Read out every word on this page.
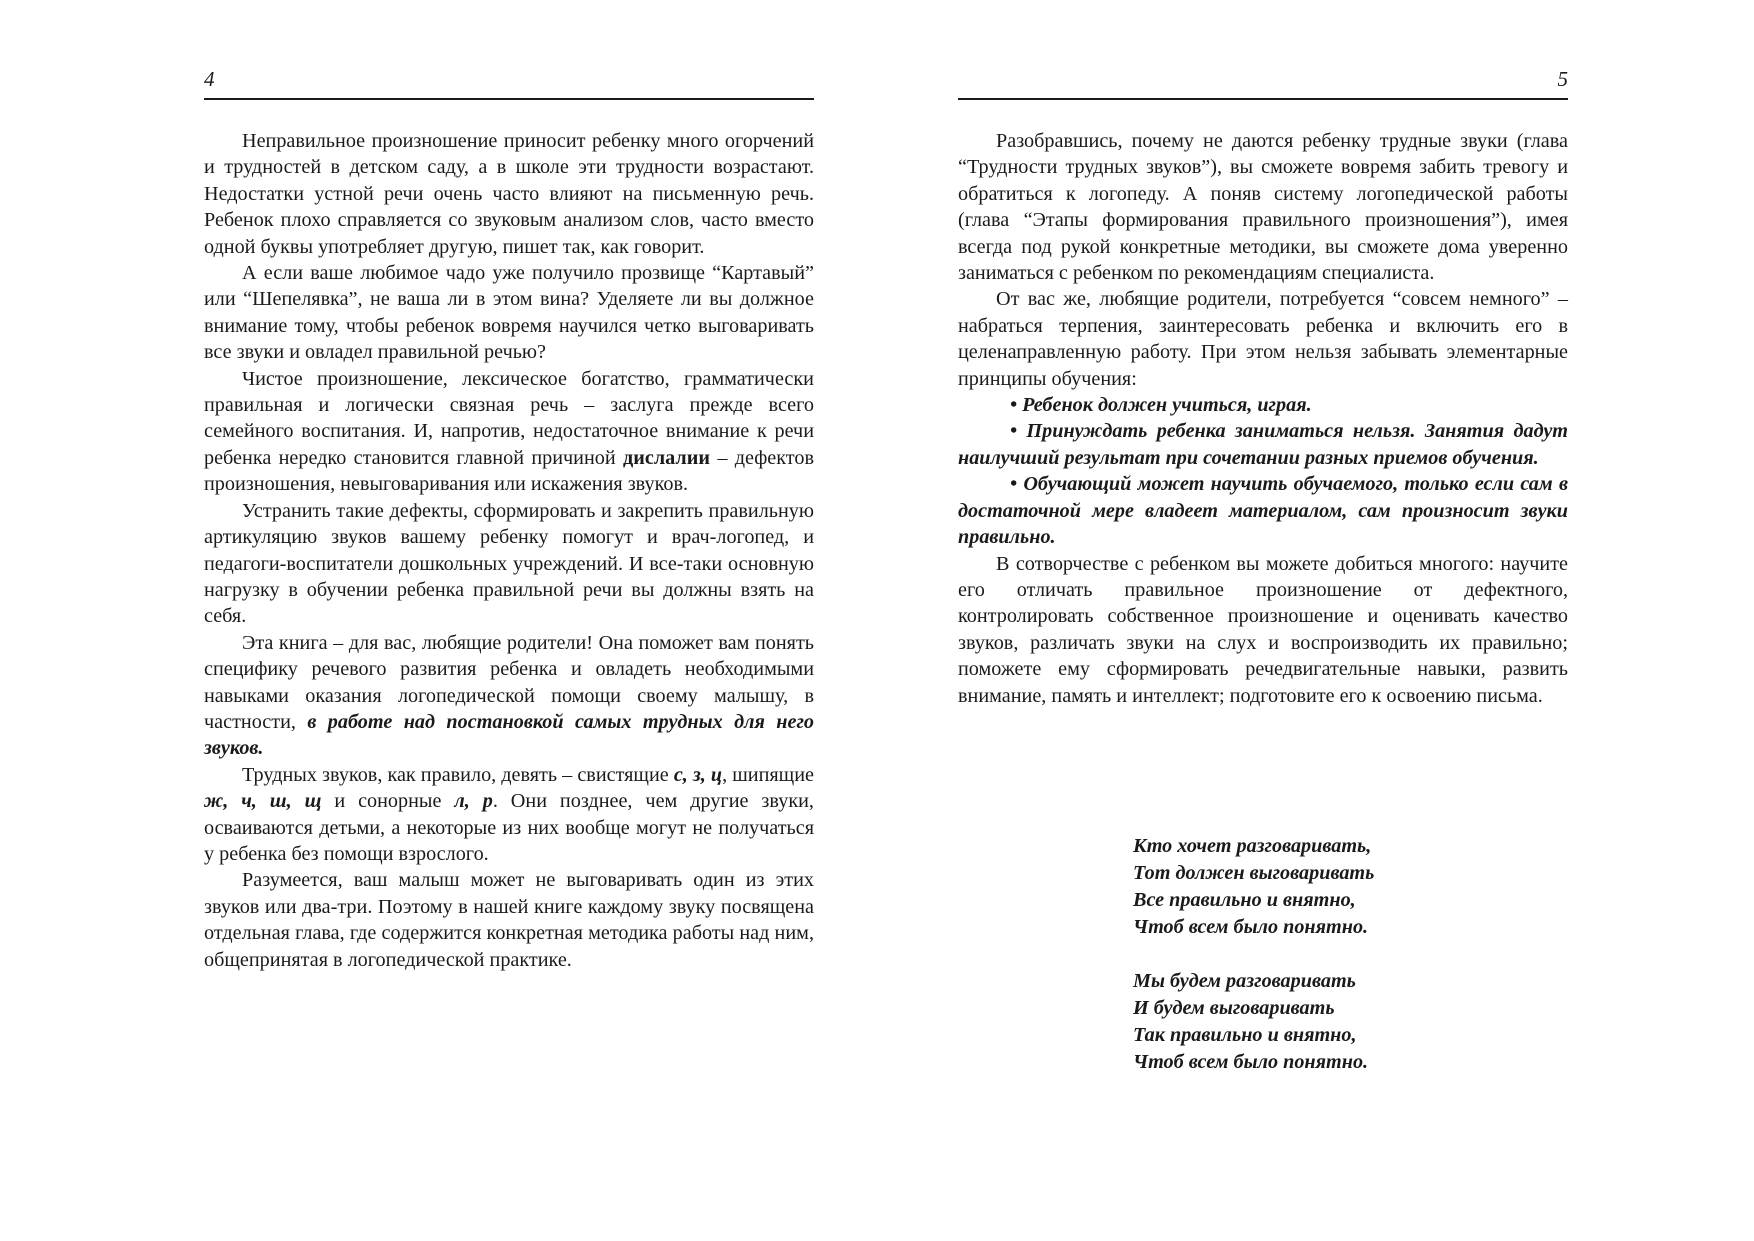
4

Неправильное произношение приносит ребенку много огорчений и трудностей в детском саду, а в школе эти трудности возрастают. Недостатки устной речи очень часто влияют на письменную речь. Ребенок плохо справляется со звуковым анализом слов, часто вместо одной буквы употребляет другую, пишет так, как говорит.

А если ваше любимое чадо уже получило прозвище “Картавый” или “Шепелявка”, не ваша ли в этом вина? Уделяете ли вы должное внимание тому, чтобы ребенок вовремя научился четко выговаривать все звуки и овладел правильной речью?

Чистое произношение, лексическое богатство, грамматически правильная и логически связная речь – заслуга прежде всего семейного воспитания. И, напротив, недостаточное внимание к речи ребенка нередко становится главной причиной дислалии – дефектов произношения, невыговаривания или искажения звуков.

Устранить такие дефекты, сформировать и закрепить правильную артикуляцию звуков вашему ребенку помогут и врач-логопед, и педагоги-воспитатели дошкольных учреждений. И все-таки основную нагрузку в обучении ребенка правильной речи вы должны взять на себя.

Эта книга – для вас, любящие родители! Она поможет вам понять специфику речевого развития ребенка и овладеть необходимыми навыками оказания логопедической помощи своему малышу, в частности, в работе над постановкой самых трудных для него звуков.

Трудных звуков, как правило, девять – свистящие с, з, ц, шипящие ж, ч, ш, щ и сонорные л, р. Они позднее, чем другие звуки, осваиваются детьми, а некоторые из них вообще могут не получаться у ребенка без помощи взрослого.

Разумеется, ваш малыш может не выговаривать один из этих звуков или два-три. Поэтому в нашей книге каждому звуку посвящена отдельная глава, где содержится конкретная методика работы над ним, общепринятая в логопедической практике.

5

Разобравшись, почему не даются ребенку трудные звуки (глава “Трудности трудных звуков”), вы сможете вовремя забить тревогу и обратиться к логопеду. А поняв систему логопедической работы (глава “Этапы формирования правильного произношения”), имея всегда под рукой конкретные методики, вы сможете дома уверенно заниматься с ребенком по рекомендациям специалиста.

От вас же, любящие родители, потребуется “совсем немного” – набраться терпения, заинтересовать ребенка и включить его в целенаправленную работу. При этом нельзя забывать элементарные принципы обучения:

• Ребенок должен учиться, играя.

• Принуждать ребенка заниматься нельзя. Занятия дадут наилучший результат при сочетании разных приемов обучения.

• Обучающий может научить обучаемого, только если сам в достаточной мере владеет материалом, сам произносит звуки правильно.

В сотворчестве с ребенком вы можете добиться многого: научите его отличать правильное произношение от дефектного, контролировать собственное произношение и оценивать качество звуков, различать звуки на слух и воспроизводить их правильно; поможете ему сформировать речедвигательные навыки, развить внимание, память и интеллект; подготовите его к освоению письма.

Кто хочет разговаривать,
Тот должен выговаривать
Все правильно и внятно,
Чтоб всем было понятно.
Мы будем разговаривать
И будем выговаривать
Так правильно и внятно,
Чтоб всем было понятно.
